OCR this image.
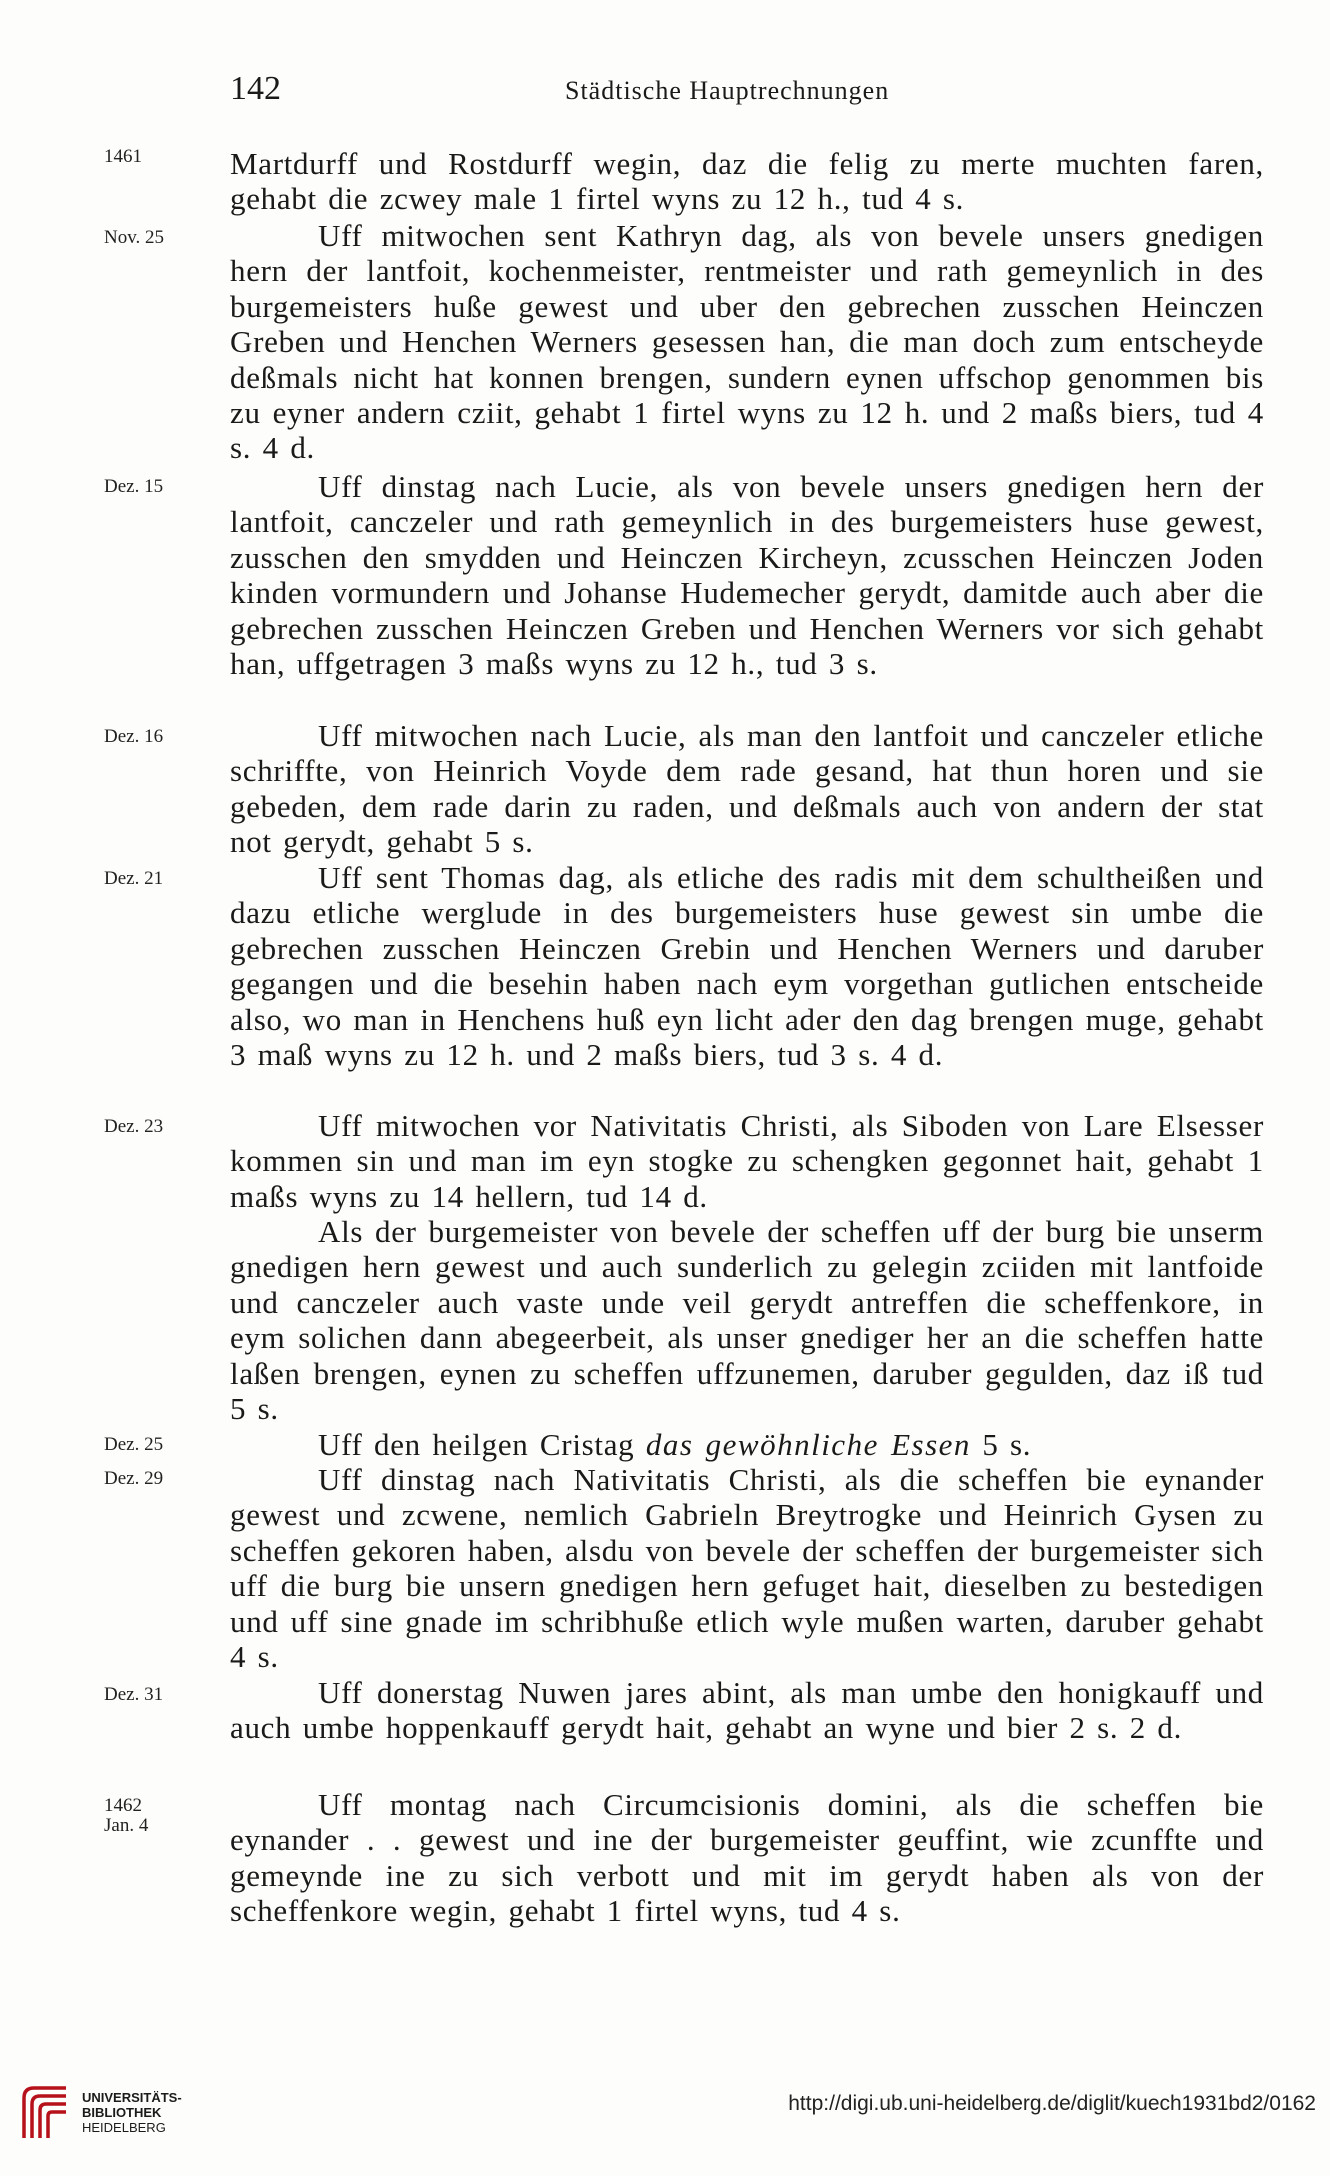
142	Städtische Hauptrechnungen
1461
Nov. 25
Dez. 15
Dez. 16
Dez. 21
Dez. 23
Dez. 25
Dez. 29
Dez. 31
1462
Jan. 4
Martdurff und Rostdurff wegin, daz die felig zu merte muchten faren, gehabt die zcwey male 1 firtel wyns zu 12 h., tud 4 s.
Uff mitwochen sent Kathryn dag, als von bevele unsers gnedigen hern der lantfoit, kochenmeister, rentmeister und rath gemeynlich in des burgemeisters huße gewest und uber den gebrechen zusschen Heinczen Greben und Henchen Werners gesessen han, die man doch zum entscheyde deßmals nicht hat konnen brengen, sundern eynen uffschop genommen bis zu eyner andern cziit, gehabt 1 firtel wyns zu 12 h. und 2 maßs biers, tud 4 s. 4 d.
Uff dinstag nach Lucie, als von bevele unsers gnedigen hern der lantfoit, canczeler und rath gemeynlich in des burgemeisters huse gewest, zusschen den smydden und Heinczen Kircheyn, zcusschen Heinczen Joden kinden vormundern und Johanse Hudemecher gerydt, damitde auch aber die gebrechen zusschen Heinczen Greben und Henchen Werners vor sich gehabt han, uffgetragen 3 maßs wyns zu 12 h., tud 3 s.
Uff mitwochen nach Lucie, als man den lantfoit und canczeler etliche schriffte, von Heinrich Voyde dem rade gesand, hat thun horen und sie gebeden, dem rade darin zu raden, und deßmals auch von andern der stat not gerydt, gehabt 5 s.
Uff sent Thomas dag, als etliche des radis mit dem schultheißen und dazu etliche werglude in des burgemeisters huse gewest sin umbe die gebrechen zusschen Heinczen Grebin und Henchen Werners und daruber gegangen und die besehin haben nach eym vorgethan gutlichen entscheide also, wo man in Henchens huß eyn licht ader den dag brengen muge, gehabt 3 maß wyns zu 12 h. und 2 maßs biers, tud 3 s. 4 d.
Uff mitwochen vor Nativitatis Christi, als Siboden von Lare Elsesser kommen sin und man im eyn stogke zu schengken gegonnet hait, gehabt 1 maßs wyns zu 14 hellern, tud 14 d.
Als der burgemeister von bevele der scheffen uff der burg bie unserm gnedigen hern gewest und auch sunderlich zu gelegin zciiden mit lantfoide und canczeler auch vaste unde veil gerydt antreffen die scheffenkore, in eym solichen dann abegeerbeit, als unser gnediger her an die scheffen hatte laßen brengen, eynen zu scheffen uffzunemen, daruber gegulden, daz iß tud 5 s.
Uff den heilgen Cristag das gewöhnliche Essen 5 s.
Uff dinstag nach Nativitatis Christi, als die scheffen bie eynander gewest und zcwene, nemlich Gabrieln Breytrogke und Heinrich Gysen zu scheffen gekoren haben, alsdu von bevele der scheffen der burgemeister sich uff die burg bie unsern gnedigen hern gefuget hait, dieselben zu bestedigen und uff sine gnade im schribhuße etlich wyle mußen warten, daruber gehabt 4 s.
Uff donerstag Nuwen jares abint, als man umbe den honigkauff und auch umbe hoppenkauff gerydt hait, gehabt an wyne und bier 2 s. 2 d.
Uff montag nach Circumcisionis domini, als die scheffen bie eynander . . gewest und ine der burgemeister geuffint, wie zcunffte und gemeynde ine zu sich verbott und mit im gerydt haben als von der scheffenkore wegin, gehabt 1 firtel wyns, tud 4 s.
UNIVERSITÄTS-
BIBLIOTHEK
HEIDELBERG
http://digi.ub.uni-heidelberg.de/diglit/kuech1931bd2/0162
